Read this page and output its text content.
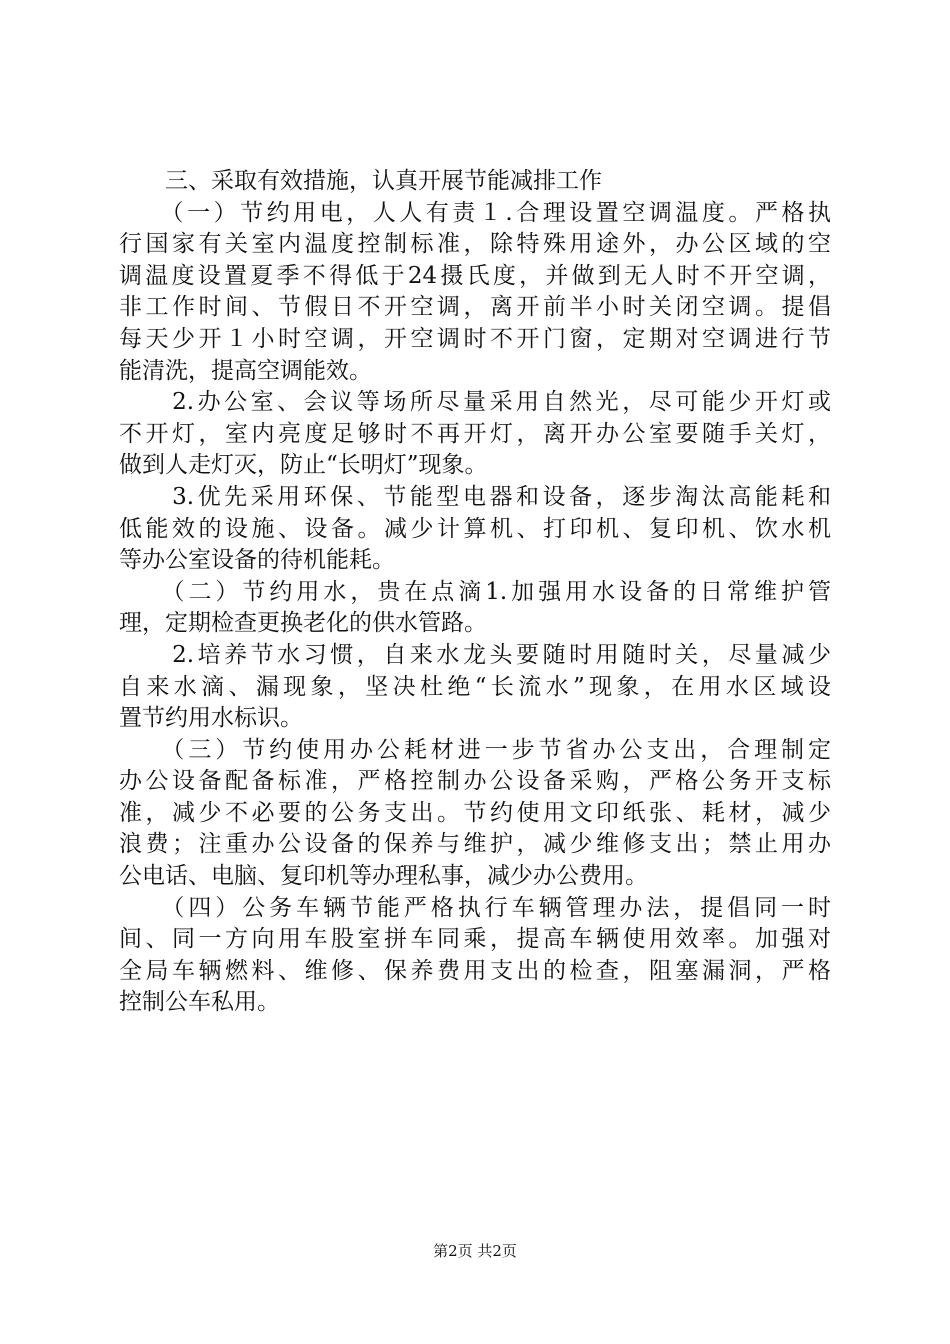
　　三、采取有效措施，认真开展节能减排工作
　　（一）节约用电，人人有责１.合理设置空调温度。严格执
行国家有关室内温度控制标准，除特殊用途外，办公区域的空
调温度设置夏季不得低于24摄氏度，并做到无人时不开空调，
非工作时间、节假日不开空调，离开前半小时关闭空调。提倡
每天少开１小时空调，开空调时不开门窗，定期对空调进行节
能清洗，提高空调能效。
　　2.办公室、会议等场所尽量采用自然光，尽可能少开灯或
不开灯，室内亮度足够时不再开灯，离开办公室要随手关灯，
做到人走灯灭，防止“长明灯”现象。
　　3.优先采用环保、节能型电器和设备，逐步淘汰高能耗和
低能效的设施、设备。减少计算机、打印机、复印机、饮水机
等办公室设备的待机能耗。
　　（二）节约用水，贵在点滴1.加强用水设备的日常维护管
理，定期检查更换老化的供水管路。
　　2.培养节水习惯，自来水龙头要随时用随时关，尽量减少
自来水滴、漏现象，坚决杜绝“长流水”现象，在用水区域设
置节约用水标识。
　　（三）节约使用办公耗材进一步节省办公支出，合理制定
办公设备配备标准，严格控制办公设备采购，严格公务开支标
准，减少不必要的公务支出。节约使用文印纸张、耗材，减少
浪费；注重办公设备的保养与维护，减少维修支出；禁止用办
公电话、电脑、复印机等办理私事，减少办公费用。
　　（四）公务车辆节能严格执行车辆管理办法，提倡同一时
间、同一方向用车股室拼车同乘，提高车辆使用效率。加强对
全局车辆燃料、维修、保养费用支出的检查，阻塞漏洞，严格
控制公车私用。
第2页 共2页
